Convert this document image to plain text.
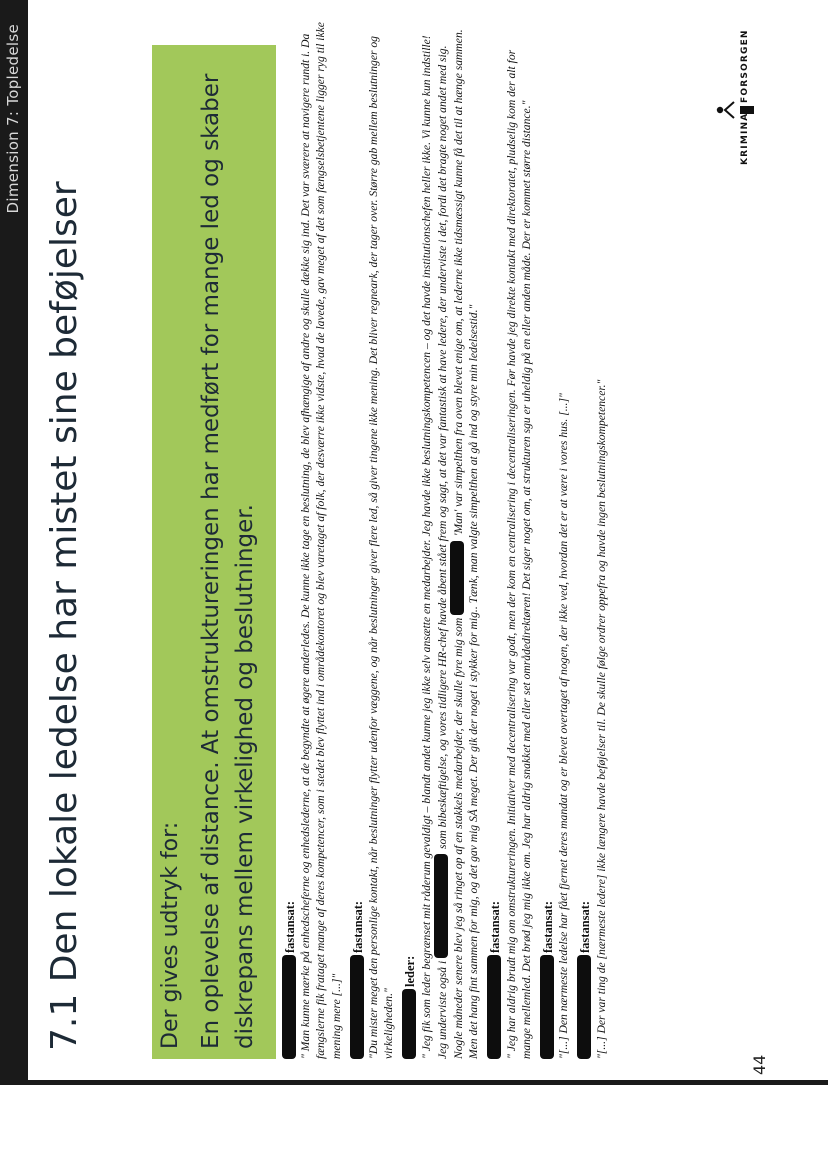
Dimension 7: Topledelse
44
7.1 Den lokale ledelse har mistet sine beføjelser	Der gives udtryk for: En oplevelse af distance. At omstruktureringen har medført for mange led og skaber diskrepans mellem virkelighed og beslutninger.	fastansat: " Man kunne mærke på enhedscheferne og enhedslederne, at de begyndte at øgere anderledes. De kunne ikke tage en beslutning, de blev afhængige af andre og skulle dække sig ind. Det var sværere at navigere rundt i. Da fængslerne fik frataget mange af deres kompetencer, som i stedet blev flyttet ind i områdekontoret og blev varetaget af folk, der desværre ikke vidste, hvad de lavede, gav meget af det som fængselsbetjentene ligger ryg til ikke mening mere [...]"
fastansat: "Du mister meget den personlige kontakt, når beslutninger flytter udenfor væggene, og når beslutninger giver flere led, så giver tingene ikke mening. Det bliver regneark, der tager over. Større gab mellem beslutninger og virkeligheden."
leder: " Jeg fik som leder begrænset mit råderum gevaldigt – blandt andet kunne jeg ikke selv ansætte en medarbejder. Jeg havde ikke beslutningskompetencen – og det havde institutionschefen heller ikke. Vi kunne kun indstille! Jeg underviste også i  som bibeskæftigelse, og vores tidligere HR-chef havde åbent stået frem og sagt, at det var fantastisk at have ledere, der underviste i det, fordi det bragte noget andet med sig. Nogle måneder senere blev jeg så ringet op af en stakkels medarbejder, der skulle fyre mig som  'Man' var simpelthen fra oven blevet enige om, at lederne ikke tidsmæssigt kunne få det til at hænge sammen. Men det hang fint sammen for mig, og det gav mig SÅ meget. Der gik der noget i stykker for mig.. Tænk, man valgte simpelthen at gå ind og styre min ledelsestid." fastansat: " Jeg har aldrig brudt mig om omstruktureringen. Initiativer med decentralisering var godt, men der kom en centralisering i decentraliseringen. Før havde jeg direkte kontakt med direktoratet, pludselig kom der alt for mange mellemled. Det brød jeg mig ikke om. Jeg har aldrig snakket med eller set områdedirektøren! Det siger noget om, at strukturen sgu er uheldig på en eller anden måde. Der er kommet større distance." fastansat: "[...] Den nærmeste ledelse har fået fjernet deres mandat og er blevet overtaget af nogen, der ikke ved, hvordan det er at være i vores hus. [...]" fastansat: "[...] Der var ting de [nærmeste ledere] ikke længere havde beføjelser til. De skulle følge ordrer oppefra og havde ingen beslutningskompetencer."
KRIMINAL
FORSORGEN
